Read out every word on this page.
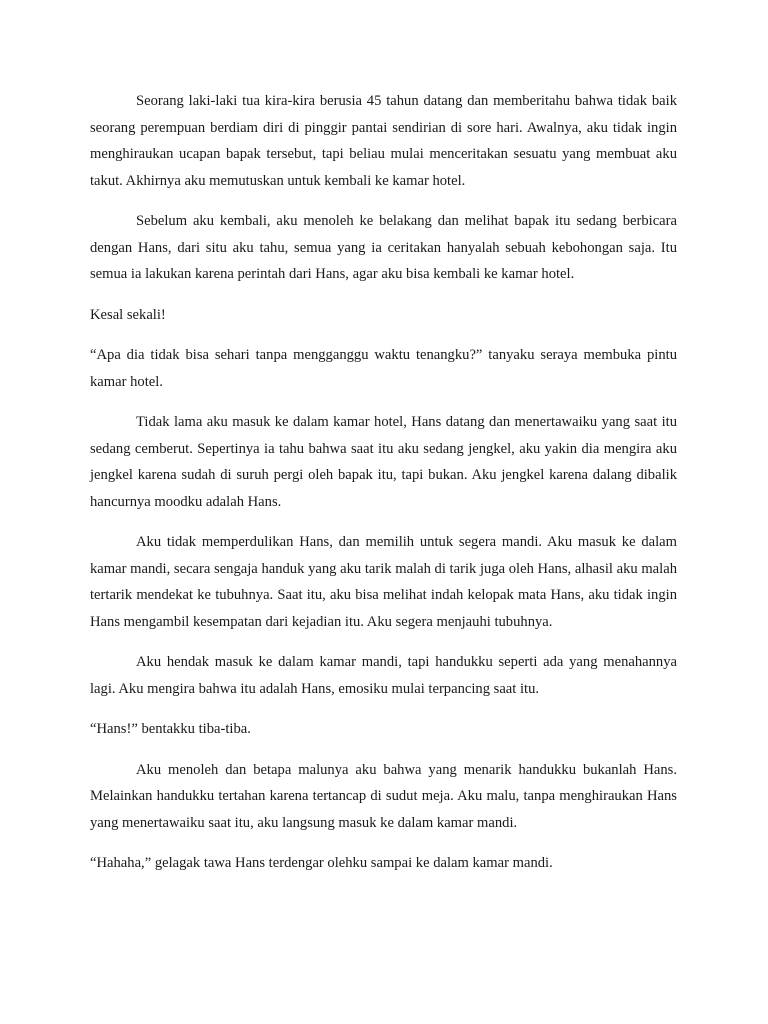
Seorang laki-laki tua kira-kira berusia 45 tahun datang dan memberitahu bahwa tidak baik seorang perempuan berdiam diri di pinggir pantai sendirian di sore hari. Awalnya, aku tidak ingin menghiraukan ucapan bapak tersebut, tapi beliau mulai menceritakan sesuatu yang membuat aku takut. Akhirnya aku memutuskan untuk kembali ke kamar hotel.

Sebelum aku kembali, aku menoleh ke belakang dan melihat bapak itu sedang berbicara dengan Hans, dari situ aku tahu, semua yang ia ceritakan hanyalah sebuah kebohongan saja. Itu semua ia lakukan karena perintah dari Hans, agar aku bisa kembali ke kamar hotel.

Kesal sekali!

“Apa dia tidak bisa sehari tanpa mengganggu waktu tenangku?” tanyaku seraya membuka pintu kamar hotel.

Tidak lama aku masuk ke dalam kamar hotel, Hans datang dan menertawaiku yang saat itu sedang cemberut. Sepertinya ia tahu bahwa saat itu aku sedang jengkel, aku yakin dia mengira aku jengkel karena sudah di suruh pergi oleh bapak itu, tapi bukan. Aku jengkel karena dalang dibalik hancurnya moodku adalah Hans.

Aku tidak memperdulikan Hans, dan memilih untuk segera mandi. Aku masuk ke dalam kamar mandi, secara sengaja handuk yang aku tarik malah di tarik juga oleh Hans, alhasil aku malah tertarik mendekat ke tubuhnya. Saat itu, aku bisa melihat indah kelopak mata Hans, aku tidak ingin Hans mengambil kesempatan dari kejadian itu. Aku segera menjauhi tubuhnya.

Aku hendak masuk ke dalam kamar mandi, tapi handukku seperti ada yang menahannya lagi. Aku mengira bahwa itu adalah Hans, emosiku mulai terpancing saat itu.

“Hans!” bentakku tiba-tiba.

Aku menoleh dan betapa malunya aku bahwa yang menarik handukku bukanlah Hans. Melainkan handukku tertahan karena tertancap di sudut meja. Aku malu, tanpa menghiraukan Hans yang menertawaiku saat itu, aku langsung masuk ke dalam kamar mandi.

“Hahaha,” gelagak tawa Hans terdengar olehku sampai ke dalam kamar mandi.
